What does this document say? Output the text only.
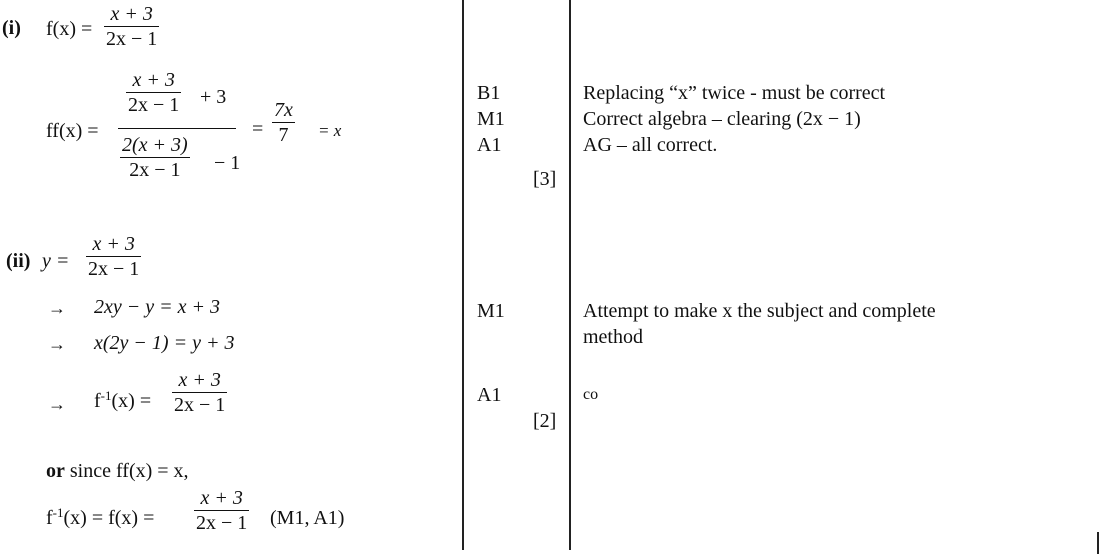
(i) f(x) =
x + 3
2x − 1
ff(x) =
x + 3
2x − 1 + 3
2(x + 3)
2x − 1 − 1
=
7x
7 = x
(ii) y =
x + 3
2x − 1
→ 2xy − y = x + 3
→ x(2y − 1) = y + 3
→ $f^{-1}(x)$ =
x + 3
2x − 1
or since ff(x) = x,
$f^{-1}(x) = f(x)$ =
x + 3
2x − 1 (M1, A1)
B1
M1
A1
[3]
M1
A1
[2]
Replacing “x” twice - must be correct
Correct algebra – clearing (2x − 1)
AG – all correct.
Attempt to make x the subject and complete
method
co
